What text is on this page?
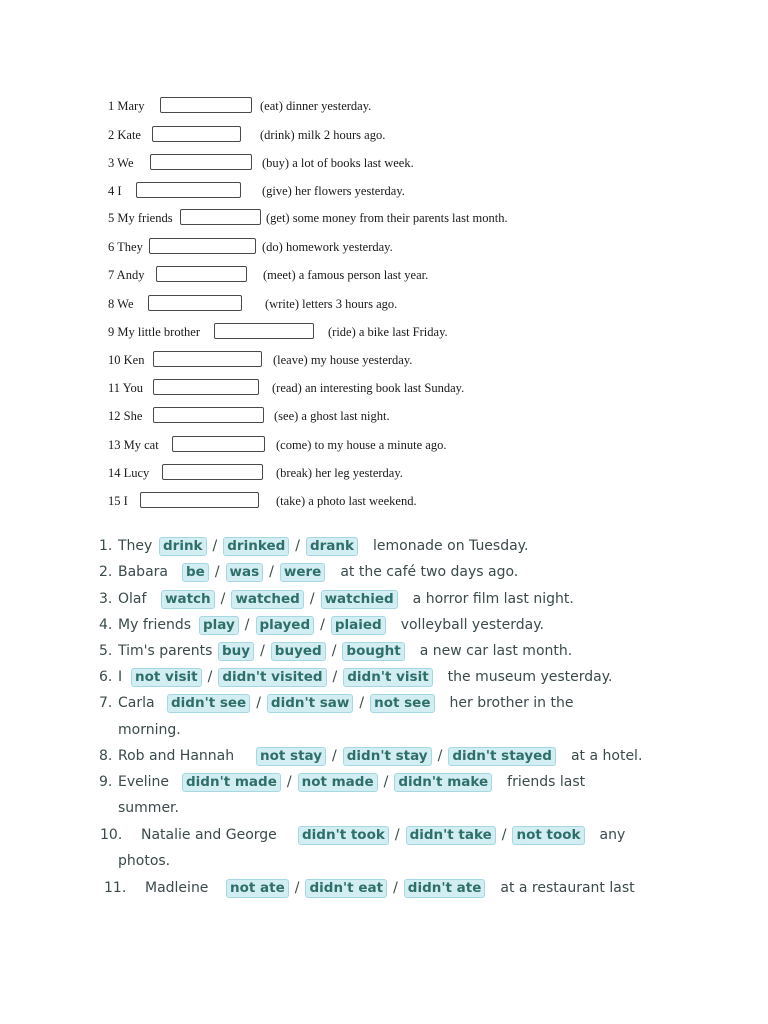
1 Mary	(eat) dinner yesterday.
2 Kate	(drink) milk 2 hours ago.
3 We	(buy) a lot of books last week.
4 I	(give) her flowers yesterday.
5 My friends	(get) some money from their parents last month.
6 They	(do) homework yesterday.
7 Andy	(meet) a famous person last year.
8 We	(write) letters 3 hours ago.
9 My little brother	(ride) a bike last Friday.
10 Ken	(leave) my house yesterday.
11 You	(read) an interesting book last Sunday.
12 She	(see) a ghost last night.
13 My cat	(come) to my house a minute ago.
14 Lucy	(break) her leg yesterday.
15 I	(take) a photo last weekend.
1. They drink / drinked / drank lemonade on Tuesday.
2. Babara	be / was / were at the café two days ago.
3. Olaf	watch / watched / watchied a horror film last night.
4. My friends play / played / plaied volleyball yesterday.
5. Tim's parents buy / buyed / bought a new car last month.
6. I not visit / didn't visited / didn't visit the museum yesterday.
7. Carla	didn't see / didn't saw / not see her brother in the
morning.
8. Rob and Hannah	not stay / didn't stay / didn't stayed at a hotel.
9. Eveline	didn't made / not made / didn't make friends last
summer.
10. Natalie and George	didn't took / didn't take / not took any
photos.
11. Madleine	not ate / didn't eat / didn't ate at a restaurant last
